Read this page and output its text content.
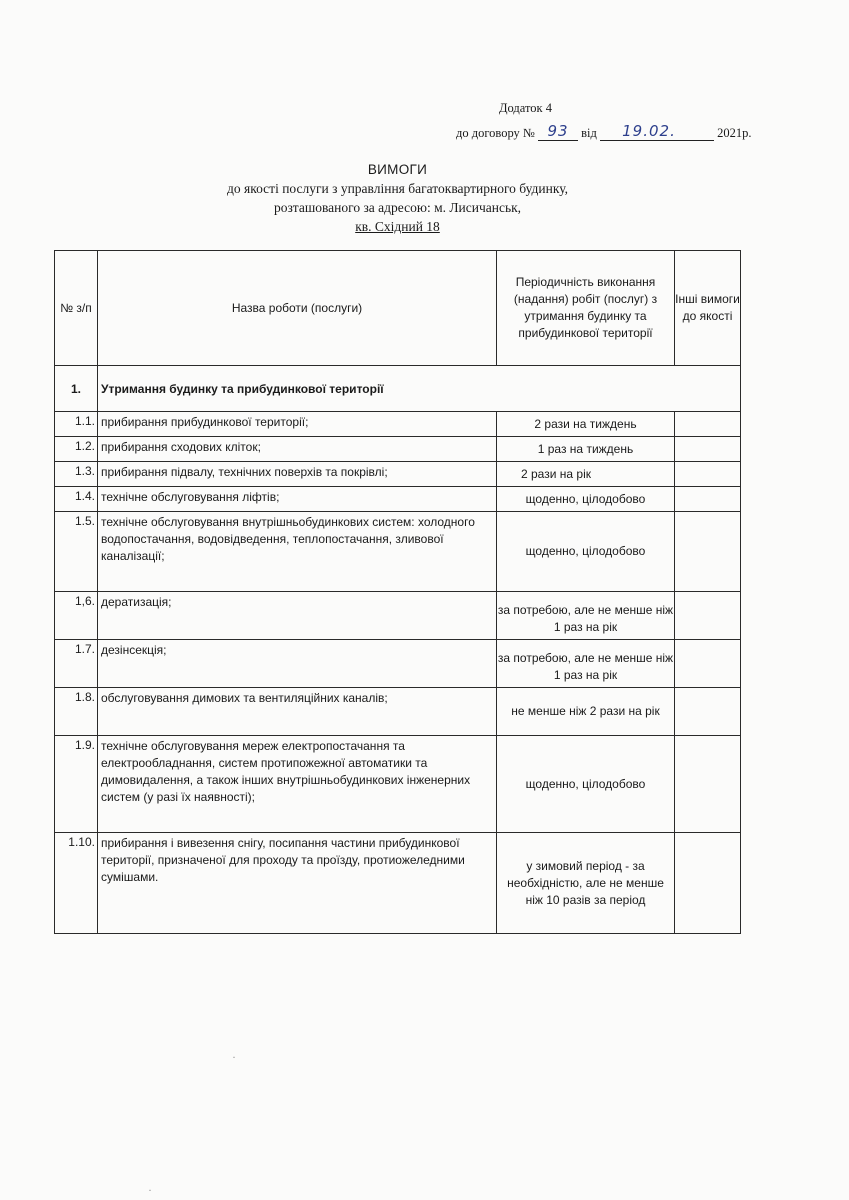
Додаток 4
до договору № 93 від 19.02.	2021р.
ВИМОГИ
до якості послуги з управління багатоквартирного будинку,
розташованого за адресою: м. Лисичанськ,
кв. Східний 18
№ з/п	Назва роботи (послуги)	Періодичність виконання (надання) робіт (послуг) з утримання будинку та прибудинкової території	Інші вимоги до якості
1.	Утримання будинку та прибудинкової території		
1.1.	прибирання прибудинкової території;	2 рази на тиждень	
1.2.	прибирання сходових кліток;	1 раз на тиждень	
1.3.	прибирання підвалу, технічних поверхів та покрівлі;	2 рази на рік	
1.4.	технічне обслуговування ліфтів;	щоденно, цілодобово	
1.5.	технічне обслуговування внутрішньобудинкових систем: холодного водопостачання, водовідведення, теплопостачання, зливової каналізації;	щоденно, цілодобово	
1,6.	дератизація;	за потребою, але не менше ніж 1 раз на рік	
1.7.	дезінсекція;	за потребою, але не менше ніж 1 раз на рік	
1.8.	обслуговування димових та вентиляційних каналів;	не менше ніж 2 рази на рік	
1.9.	технічне обслуговування мереж електропостачання та електрообладнання, систем протипожежної автоматики та димовидалення, а також інших внутрішньобудинкових інженерних систем (у разі їх наявності);	щоденно, цілодобово	
1.10.	прибирання і вивезення снігу, посипання частини прибудинкової території, призначеної для проходу та проїзду, протиожеледними сумішами.	у зимовий період - за необхідністю, але не менше ніж 10 разів за період	
·
·
